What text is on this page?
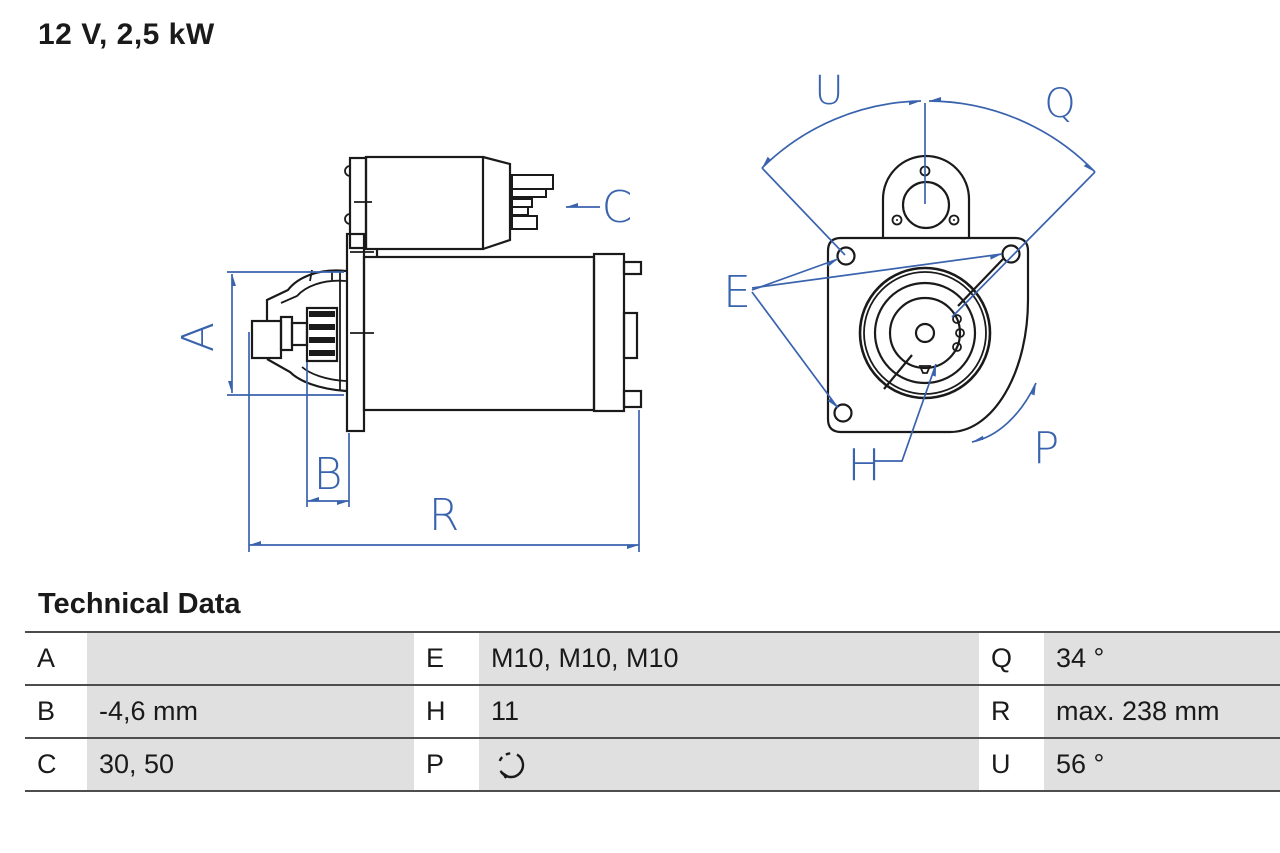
12 V, 2,5 kW
A
B
R
C
U	Q
E
H	P
Technical Data
A		E	M10, M10, M10	Q	34 °
B	-4,6 mm	H	11	R	max. 238 mm
C	30, 50	P		U	56 °
